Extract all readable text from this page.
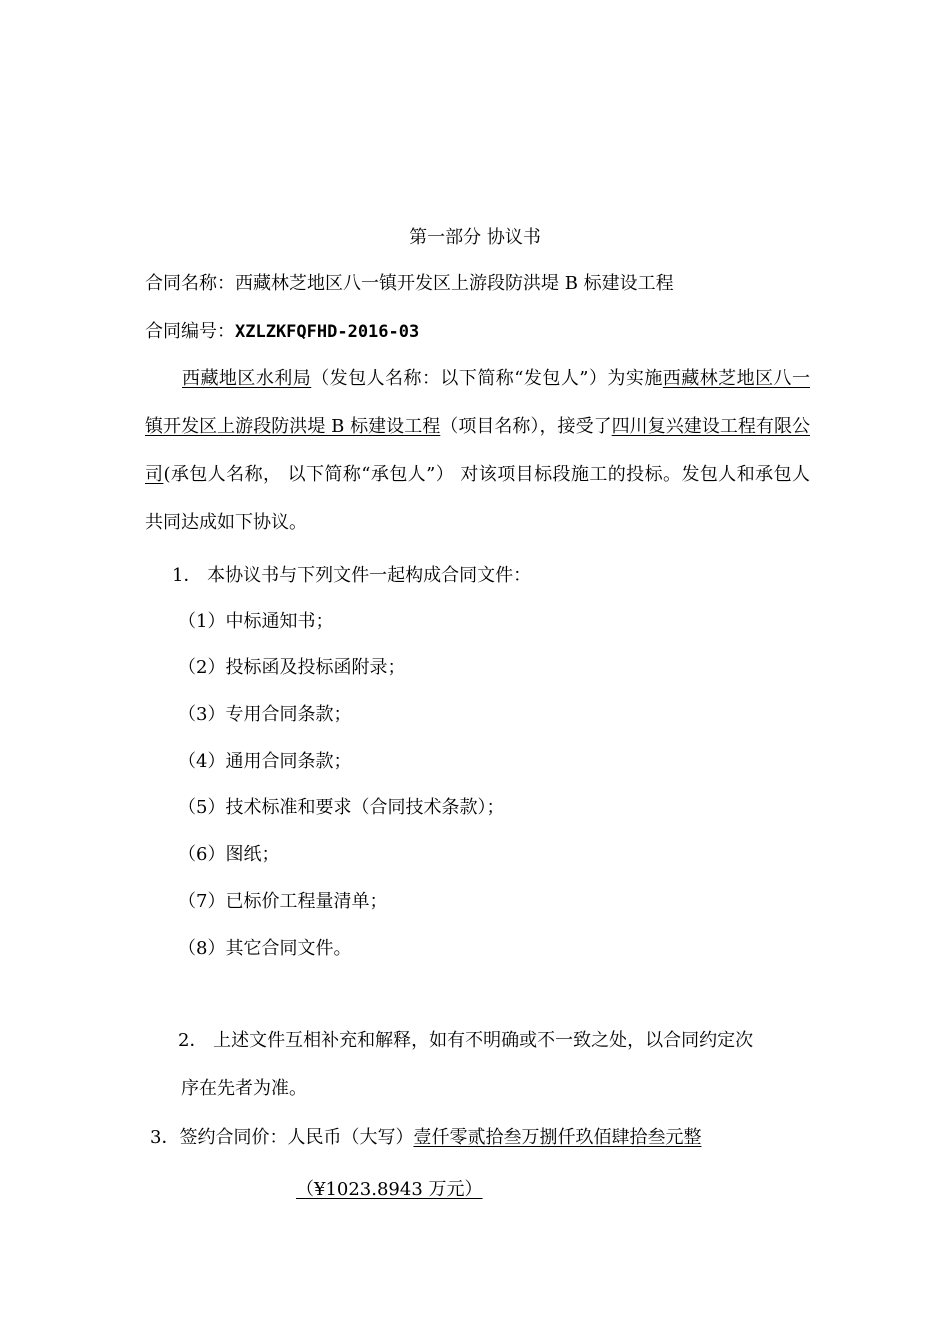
第一部分 协议书
合同名称：西藏林芝地区八一镇开发区上游段防洪堤 B 标建设工程
合同编号：XZLZKFQFHD-2016-03
西藏地区水利局（发包人名称：以下简称“发包人”）为实施西藏林芝地区八一镇开发区上游段防洪堤 B 标建设工程（项目名称），接受了四川复兴建设工程有限公司(承包人名称， 以下简称“承包人”） 对该项目标段施工的投标。发包人和承包人共同达成如下协议。
1． 本协议书与下列文件一起构成合同文件：
（1）中标通知书；
（2）投标函及投标函附录；
（3）专用合同条款；
（4）通用合同条款；
（5）技术标准和要求（合同技术条款）；
（6）图纸；
（7）已标价工程量清单；
（8）其它合同文件。
2． 上述文件互相补充和解释，如有不明确或不一致之处，以合同约定次
序在先者为准。
3．签约合同价：人民币（大写）壹仟零贰拾叁万捌仟玖佰肆拾叁元整
（¥1023.8943 万元）
